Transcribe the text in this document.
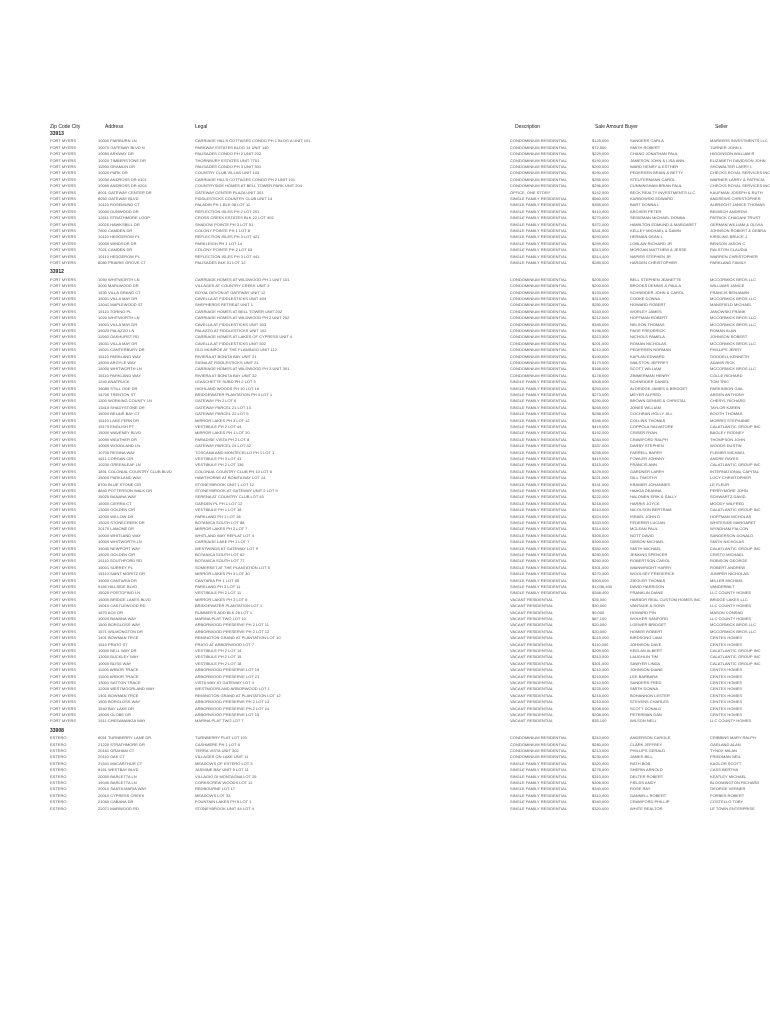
Zip Code City	Address	Legal	Description	Sale Amount Buyer	Seller
33913
FORT MYERS	10000 FAIRBURN LN	CARRIAGE HILLS COTTAGES CONDO PH 1 BLDG A UNIT 101	CONDOMINIUM RESIDENTIAL	$125,000	SANDERS CARLA	MARKERS INVESTMENTS LLC
FORT MYERS	10070 GATEWAY BLVD N	PARKWAY ESTATES BLDG 14 UNIT 140	CONDOMINIUM RESIDENTIAL	$72,500	SMITH ROBERT	TURNER JOHN L
FORT MYERS	10050 ARKWAY DR	PALISADES CONDO PH 2 UNIT 202	CONDOMINIUM RESIDENTIAL	$229,000	CHANG JONATHAN PAUL	HIGGINSON WILLIAM R
FORT MYERS	10020 TIMBERSTONE DR	THORNBURY ESTATES UNIT 7701	CONDOMINIUM RESIDENTIAL	$190,000	JAMESON JOHN & LISA ANN	ELIZABETH DAVIDSON JOHN
FORT MYERS	11050 GRAMLIN DR	PALISADES CONDO PH 3 UNIT 301	CONDOMINIUM RESIDENTIAL	$200,000	WARD HENRY & ESTHER	SHOWALTER LARRY L
FORT MYERS	10020 PARK DR	COUNTRY CLUB VILLAS UNIT 103	CONDOMINIUM RESIDENTIAL	$290,000	PEDERSEN BRIAN & BETTY	CHECKS ROYAL SERVICES INC
FORT MYERS	10030 ANDROSS DR #101	CARRIAGE HILLS COTTAGES CONDO PH 2 UNIT 101	CONDOMINIUM RESIDENTIAL	$255,000	STEUTERMANN CAROL	WARNER LARRY & PATRICIA
FORT MYERS	10090 ANDROSS DR #204	COUNTRYSIDE HOMES AT BELL TOWER PARK UNIT 204	CONDOMINIUM RESIDENTIAL	$296,000	CUNNINGHAM BRIAN PAUL	CHECKS ROYAL SERVICES INC
FORT MYERS	8001 GATEWAY CENTER DR	GATEWAY CENTER PLAZA UNIT 301	OFFICE, ONE STORY	$142,000	BECK REALTY INVESTMENTS LLC	KAUFMAN JOSEPH & RUTH
FORT MYERS	8050 GATEWAY BLVD	FIDDLESTICKS COUNTRY CLUB UNIT 14	SINGLE FAMILY RESIDENTIAL	$560,000	KARBOWSKI EDWARD	ANDREWS CHRISTOPHER
FORT MYERS	10110 ROSEMUND CT	PALADIN PH 1 BLK 08 LOT 11	SINGLE FAMILY RESIDENTIAL	$355,000	BART DONNA L	ALBRECHT JANICE THOMAS
FORT MYERS	10000 DUNWOOD DR	REFLECTION ISLES PH 2 LOT 201	SINGLE FAMILY RESIDENTIAL	$410,000	ARCHER PETER	BEMISCH ANDREW
FORT MYERS	12611 STRATHMORE LOOP	CROSS CREEK ESTATES BLK 22 LOT 402	SINGLE FAMILY RESIDENTIAL	$270,000	SEIDEMAN MICHAEL DONNA	PATRICK CHAGANI TRUST
FORT MYERS	10020 HAWKSBILL DR	SHADOW POINTE PH 3 LOT 51	SINGLE FAMILY RESIDENTIAL	$372,000	HAMILTON EDMUND & MARGARET	GERMAN WILLIAM & OLIVIA
FORT MYERS	7800 CAMDEN DR	COLONY POINTE PH 1 LOT 8	SINGLE FAMILY RESIDENTIAL	$341,000	KELLEY MICHAEL & DAWN	JOHNSON ROBERT & DEBRA
FORT MYERS	10110 HEDGEROW PL	REFLECTION ISLES PH 3 LOT 421	SINGLE FAMILY RESIDENTIAL	$293,000	HERMAN DEAN L	KIRSLING BRUCE J
FORT MYERS	10000 WINDSOR DR	PARKLEIGH PH 1 LOT 14	SINGLE FAMILY RESIDENTIAL	$259,000	LOBLAW RICHARD JR	BENSON JASON C
FORT MYERS	7021 CAMDEN DR	COLONY POINTE PH 2 LOT 63	SINGLE FAMILY RESIDENTIAL	$313,000	MORGAN MATTHEW & JESSE	RALSTON CLAUDIA
FORT MYERS	10110 HEDGEROW PL	REFLECTION ISLES PH 3 LOT 441	SINGLE FAMILY RESIDENTIAL	$314,400	NAPIER STEPHEN JR	WARREN CHRISTOPHER
FORT MYERS	8080 PRAIRIE GROVE CT	PALISADES BLK 01 LOT 12	SINGLE FAMILY RESIDENTIAL	$289,000	HARDEN CHRISTOPHER	PARKLAND FAMILY
33912
FORT MYERS	1050 WHITWORTH LN	CARRIAGE HOMES AT WILDWOOD PH 1 UNIT 101	CONDOMINIUM RESIDENTIAL	$205,000	BELL STEPHEN JEANETTE	MCCORMICK BROS LLC
FORT MYERS	3000 MARLWOOD DR	VILLAGES AT COUNTRY CREEK UNIT 3	CONDOMINIUM RESIDENTIAL	$200,000	BROOKS DENNIS & PAULA	WILLIAMS JANICE
FORT MYERS	1530 VILLA GRAND CT	ROYAL DEVON AT GATEWAY UNIT 12	CONDOMINIUM RESIDENTIAL	$133,000	SCHNEIDER JOHN & CAROL	FRANCIS BENJAMIN
FORT MYERS	15001 VILLA MAY DR	CAVELLA AT FIDDLESTICKS UNIT 404	CONDOMINIUM RESIDENTIAL	$313,900	COOKE DONNA	MCCORMICK BROS LLC
FORT MYERS	13041 MAPLEWOOD ST	SHEPHERDS RETREAT UNIT 1	CONDOMINIUM RESIDENTIAL	$250,000	HOWARD ROBERT	MANSFIELD MICHAEL
FORT MYERS	15110 TORINO PL	CARRIAGE HOMES AT BELL TOWER UNIT 202	CONDOMINIUM RESIDENTIAL	$163,000	WORLEY JAMES	JANOWSKI FRANK
FORT MYERS	1020 WHITWORTH LN	CARRIAGE HOMES AT WILDWOOD PH 2 UNIT 202	CONDOMINIUM RESIDENTIAL	$212,000	HOFFMAN ROBERT	MCCORMICK BROS LLC
FORT MYERS	15001 VILLA MAY DR	CAVELLA AT FIDDLESTICKS UNIT 303	CONDOMINIUM RESIDENTIAL	$345,000	NELSON THOMAS	MCCORMICK BROS LLC
FORT MYERS	15020 PALAZZO LN	PALAZZO AT FIDDLESTICKS UNIT 102	CONDOMINIUM RESIDENTIAL	$196,000	PAGE FREDERICK	ROMAN ALAN
FORT MYERS	11060 OAKHURST RD	CARRIAGE HOMES AT LAKES OF CYPRESS UNIT 4	CONDOMINIUM RESIDENTIAL	$313,500	NICHOLS PAMELA	JOHNSON ROBERT
FORT MYERS	15031 VILLA MAY DR	CAVELLA AT FIDDLESTICKS UNIT 502	CONDOMINIUM RESIDENTIAL	$201,000	ROMAN NICHOLAS	MCCORMICK BROS LLC
FORT MYERS	15021 CANTERBURY DR	OLD MONROE AT THE FLAMINGO UNIT 112	CONDOMINIUM RESIDENTIAL	$210,000	PEDERSEN NORMAN	PHILLIPS JERRY
FORT MYERS	15110 PARKLAND WAY	RIVIERA AT BONITA BAY UNIT 21	CONDOMINIUM RESIDENTIAL	$190,000	KAPLAN EDWARD	GODDELL KENNETH
FORT MYERS	15000 ARGYLE WAY	SIGNA AT FIDDLESTICKS UNIT 21	CONDOMINIUM RESIDENTIAL	$170,000	WALSTON JEFFREY	ADAMS RICK
FORT MYERS	15000 WHITWORTH LN	CARRIAGE HOMES AT WILDWOOD PH 3 UNIT 301	CONDOMINIUM RESIDENTIAL	$168,000	SCOTT WILLIAM	MCCORMICK BROS LLC
FORT MYERS	15110 PARKLAND WAY	RIVIERA AT BONITA BAY UNIT 32	CONDOMINIUM RESIDENTIAL	$178,000	ZIMMERMAN HENRY	COLLE RICHARD
FORT MYERS	1240 ANATRUCK	LEASCHETTE SUBD PH 2 LOT 3	SINGLE FAMILY RESIDENTIAL	$305,000	SCHNEIDER DANIEL	TOM TRIC
FORT MYERS	16080 STILL ODE DR	HIGHLAND WOODS PH 10 LOT 16	SINGLE FAMILY RESIDENTIAL	$253,000	ALDRIDGE JAMES & BRIDGET	PARKINSON GAIL
FORT MYERS	14700 TRENTON ST	BRIDGEWATER PLANTATION PH 3 LOT 1	SINGLE FAMILY RESIDENTIAL	$273,000	MEYER ALFRED	ARDEN ANTHONY
FORT MYERS	1300 WORKING COUNTY LN	GATEWAY PH 2 LOT 6	SINGLE FAMILY RESIDENTIAL	$290,000	BROWN DENNIS & CHRISTAL	CHERYL RICHARD
FORT MYERS	13410 SHADYSTONE DR	GATEWAY PARCEL 21 LOT 13	SINGLE FAMILY RESIDENTIAL	$265,000	JONES WILLIAM	TAYLOR KAREN
FORT MYERS	15000 BELAIR BAY CT	GATEWAY PARCEL 22 LOT 5	SINGLE FAMILY RESIDENTIAL	$258,000	COCHRAN HOLLY JILL	BOOTH THOMAS
FORT MYERS	15110 LAKE FERN DR	MIRROR LAKES PH 3 LOT 12	SINGLE FAMILY RESIDENTIAL	$346,000	COLLINS THOMAS	MORRIS STEPHANIE
FORT MYERS	15170 ENGLISH PT	VESTIBULE PH 2 LOT 44	SINGLE FAMILY RESIDENTIAL	$419,000	COPPOLA SALVATORE	CALATLANTIC GROUP INC
FORT MYERS	15000 WAVENEY BLVD	MIRROR LAKES PH 1 LOT 20	SINGLE FAMILY RESIDENTIAL	$192,000	CRISER RYAN	BAGLEY RODNEY
FORT MYERS	10090 WEATHER DR	PARADISE VISTA PH 2 LOT 8	SINGLE FAMILY RESIDENTIAL	$284,000	CRAWFORD RALPH	THOMPSON JOHN
FORT MYERS	10000 WOODLAND LN	GATEWAY PARCEL 24 LOT 32	SINGLE FAMILY RESIDENTIAL	$337,000	DARBY STEPHEN	WOODS DUSTIN
FORT MYERS	10700 REGINA WAY	TOSCANA AND MONTECELLO PH 1 LOT 1	SINGLE FAMILY RESIDENTIAL	$255,000	FARRELL BARRY	FLEMER MICHAEL
FORT MYERS	1611 CORGAN CIR	VESTIBULE PH 3 LOT 41	SINGLE FAMILY RESIDENTIAL	$419,000	FOWLER JOHNNY	ANDRE RAYES
FORT MYERS	10230 GREENLEAF LN	VESTIBULE PH 2 LOT 136	SINGLE FAMILY RESIDENTIAL	$315,000	FRANCIS ANN	CALATLANTIC GROUP INC
FORT MYERS	1891 COLONIAL COUNTRY CLUB BLVD	COLONIAL COUNTRY CLUB PH 10 LOT 6	SINGLE FAMILY RESIDENTIAL	$229,000	GARDNER LARRY	INTERNATIONAL CAPITAL
FORT MYERS	15000 PARKLAND WAY	HAWTHORNE AT BONITA BAY LOT 14	SINGLE FAMILY RESIDENTIAL	$221,000	GILL TIMOTHY	LOCY CHRISTOPHER
FORT MYERS	8700 BLUE STONE CIR	STONEYBROOK UNIT 1 LOT 12	SINGLE FAMILY RESIDENTIAL	$141,000	KRAMER JOHANNES	LE FLEUR
FORT MYERS	8840 POTTERSON WALK DR	STONEYBROOK AT GATEWAY UNIT 2 LOT 9	SINGLE FAMILY RESIDENTIAL	$390,000	HAAGA DEANNA	PERRYMORE JOHN
FORT MYERS	15020 BANANA WAY	SERENA AT COUNTRY CLUB LOT 43	SINGLE FAMILY RESIDENTIAL	$222,000	HALONEN ERIK & SALLY	SCHWARTZ DAVID
FORT MYERS	15000 CIERRA CT	GARDEN PL PH 1 LOT 12	SINGLE FAMILY RESIDENTIAL	$218,000	HARRIS JOYCE	MOODY WILFRED
FORT MYERS	13000 GOLDEN CIR	VESTIBULE PH 1 LOT 18	SINGLE FAMILY RESIDENTIAL	$310,000	NICOLSON BERTRAM	CALATLANTIC GROUP INC
FORT MYERS	12000 WILLOW DR	PARKLAND PH 1 LOT 28	SINGLE FAMILY RESIDENTIAL	$324,000	ISRAEL JOHN D	HOFFMAN NICHOLAS
FORT MYERS	15020 STONECREEK DR	BOTANICA SOUTH LOT 88	SINGLE FAMILY RESIDENTIAL	$333,000	FEDERER LUCIAN	WHITESIDE MARGARET
FORT MYERS	20170 LAMONE DR	MIRROR LAKES PH 2 LOT 7	SINGLE FAMILY RESIDENTIAL	$314,000	MCLEAN PAUL	WYNDHAM FALCON
FORT MYERS	10000 WHITLAND WAY	WHITLAND WAY REPLAT LOT 4	SINGLE FAMILY RESIDENTIAL	$305,000	NOTT DAVID	SANDERSON DONALD
FORT MYERS	10000 WHITWORTH LN	CARRIAGE LAKE PH 1 LOT 7	SINGLE FAMILY RESIDENTIAL	$300,000	GIBSON MICHAEL	SMITH NICHOLAS
FORT MYERS	15040 NEWPORT WAY	WESTWINDS AT GATEWAY LOT 9	SINGLE FAMILY RESIDENTIAL	$352,000	SMITH MICHAEL	CALATLANTIC GROUP INC
FORT MYERS	15020 GOLDEN CIR	BOTANICA SOUTH LOT 62	SINGLE FAMILY RESIDENTIAL	$290,000	JENKINS SPENCER	CRISTO MICHAEL
FORT MYERS	15110 SOUTHFORD RD	BOTANICA SOUTH LOT 77	SINGLE FAMILY RESIDENTIAL	$260,000	ROBERTSON CAROL	ROBISON GEORGE
FORT MYERS	15001 SURREY PL	SOMERSET AT THE PLANTATION LOT 5	SINGLE FAMILY RESIDENTIAL	$301,000	WAINWRIGHT HARRY	ROBERT ANDREW
FORT MYERS	15110 SAINT MORITZ DR	MIRROR LAKES PH 3 LOT 30	SINGLE FAMILY RESIDENTIAL	$270,000	WOOLSEY FREDERICK	JUNIPER NICHOLAS
FORT MYERS	15000 CANTARIA DR	CANTARIA PH 1 LOT 55	SINGLE FAMILY RESIDENTIAL	$303,000	ZIEGLER THOMAS	MILLER MICHAEL
FORT MYERS	9150 HILLSIDE BLVD	PARKLAND PH 3 LOT 11	SINGLE FAMILY RESIDENTIAL	$1,036,400	DAVID HARRISON	VANDERBILT
FORT MYERS	15020 PORTOFINO LN	VESTIBULE PH 2 LOT 11	SINGLE FAMILY RESIDENTIAL	$348,400	FRANKLIN DIANE	LLC COUNTY HOMES
FORT MYERS	15000 BRIDGE LAKES BLVD	MIRROR LAKES PH 3 LOT 6	VACANT RESIDENTIAL	$35,000	HARBOR REAL CUSTOM HOMES INC	BRIDGE LAKES LLC
FORT MYERS	15010 CASTLEWOOD RD	BRIDGEWATER PLANTATION LOT 1	VACANT RESIDENTIAL	$30,000	VANTAGE & SONS	LLC COUNTY HOMES
FORT MYERS	1870 ACE DR	RUMMER'S ADD BLK 26 LOT 1	VACANT RESIDENTIAL	$9,000	HOWARD PIN	MASON CONRAD
FORT MYERS	10020 BANANA WAY	MARINA PLAT TWO LOT 10	VACANT RESIDENTIAL	$87,100	WOLKER SANFORD	LLC COUNTY HOMES
FORT MYERS	1500 BORGLOSS WAY	ARBORWOOD PRESERVE PH 2 LOT 11	VACANT RESIDENTIAL	$20,000	LOEWER BRIDGET	MCCORMICK BROS LLC
FORT MYERS	1571 WILMONGTON DR	ARBORWOOD PRESERVE PH 2 LOT 12	VACANT RESIDENTIAL	$20,000	HOMER ROBERT	MCCORMICK BROS LLC
FORT MYERS	1401 BOWMAN TRCE	REMINGTON GRAND AT PLANTATION LOT 10	VACANT RESIDENTIAL	$215,000	BIRDSONG LIAM	CENTEX HOMES
FORT MYERS	1510 PRATO ST	PRATO AT ARBORWOOD LOT 7	VACANT RESIDENTIAL	$110,000	JOHNSON DAVE	CENTEX HOMES
FORT MYERS	10000 BELL WAY DR	VESTIBULE PH 2 LOT 14	VACANT RESIDENTIAL	$209,000	KEELAN ALBERT	CALATLANTIC GROUP INC
FORT MYERS	13000 BUCKLEY WAY	VESTIBULE PH 2 LOT 15	VACANT RESIDENTIAL	$313,000	LAUGHLIN TIM	CALATLANTIC GROUP INC
FORT MYERS	10000 BLISS WAY	VESTIBULE PH 2 LOT 18	VACANT RESIDENTIAL	$301,000	SAWYER LINDA	CALATLANTIC GROUP INC
FORT MYERS	11000 ARBOR TRACE	ARBORWOOD PRESERVE LOT 19	VACANT RESIDENTIAL	$210,000	JOHNSON DIANE	CENTEX HOMES
FORT MYERS	11000 ARBOR TRACE	ARBORWOOD PRESERVE LOT 21	VACANT RESIDENTIAL	$210,000	LEE BARBARA	CENTEX HOMES
FORT MYERS	13001 SATTON TRACE	VISTA WAY AT GATEWAY LOT 4	VACANT RESIDENTIAL	$210,000	SANDERS FRED	CENTEX HOMES
FORT MYERS	12000 WESTMOORLAND WAY	WESTMOORLAND ARBORWOOD LOT 1	VACANT RESIDENTIAL	$225,000	SMITH DONNA	CENTEX HOMES
FORT MYERS	1401 BOWMAN TRCE	REMINGTON GRAND AT PLANTATION LOT 12	VACANT RESIDENTIAL	$215,000	BOHANNON LESTER	CENTEX HOMES
FORT MYERS	1500 BORGLOSS WAY	ARBORWOOD PRESERVE PH 2 LOT 13	VACANT RESIDENTIAL	$210,000	STEVENS CHARLES	CENTEX HOMES
FORT MYERS	1540 BAY LAKE DR	ARBORWOOD PRESERVE PH 2 LOT 14	VACANT RESIDENTIAL	$208,000	SCOTT DONALD	CENTEX HOMES
FORT MYERS	15000 GLOBE DR	ARBORWOOD PRESERVE LOT 15	VACANT RESIDENTIAL	$208,000	PETERMAN DAN	CENTEX HOMES
FORT MYERS	1511 CHESAMANGA WAY	MARINA PLAT TWO LOT 7	VACANT RESIDENTIAL	$35,100	WILSON NELL	LLC COUNTY HOMES
33908
ESTERO	8051 TURNBERRY LANE DR	TURNBERRY PLAT LOT 101	CONDOMINIUM RESIDENTIAL	$310,000	ANDERSON CAROLE	CRIBBINS MARY RALPH
ESTERO	21220 STRATHMORE DR	CASHMERE PH 1 LOT 8	CONDOMINIUM RESIDENTIAL	$280,000	CLARK JEFFREY	GARLAND ALAN
ESTERO	20161 GRAHAM CT	TERRA VISTA UNIT 302	CONDOMINIUM RESIDENTIAL	$213,000	PHILLIPS GERALD	TYNDX MILAN
ESTERO	20110 OAK CT	VILLAGES ON LAKE UNIT 11	CONDOMINIUM RESIDENTIAL	$230,000	JAMES BILL	FRIEDMAN NEIL
ESTERO	21541 MACARTHUR CT	MEADOWS OF ESTERO LOT 3	SINGLE FAMILY RESIDENTIAL	$320,000	RATH BOB	KAGLOR SCOTT
ESTERO	8161 WESTBAY BLVD	JASMINE BAY UNIT 5 LOT 11	SINGLE FAMILY RESIDENTIAL	$278,000	SHERIN ARNOLD	CASS BERTHA
ESTERO	20050 BARLETTA LN	VILLAGIO DI MONTAGNA LOT 25	SINGLE FAMILY RESIDENTIAL	$310,000	DELTER ROBERT	KEATLEY MICHAEL
ESTERO	19040 BARLETTA LN	CORKSCREW WOODS LOT 11	SINGLE FAMILY RESIDENTIAL	$306,000	FIELDS ANDY	BLOOMINGTON RICHARD
ESTERO	20010 SANTA MARIA WAY	REDBOURNE LOT 17	SINGLE FAMILY RESIDENTIAL	$340,000	ROSE RAY	GEORGE VERNER
ESTERO	20010 CYPRESS CREEK	MEADOWS LOT 33	SINGLE FAMILY RESIDENTIAL	$310,000	GANNELL ROBERT	FORBES ROBERT
ESTERO	21060 CABANA DR	FOUNTAIN LAKES PH 5 LOT 1	SINGLE FAMILY RESIDENTIAL	$340,000	CRAWFORD PHILLIP	COSTELLO TOBY
ESTERO	22071 MARWOOD RD	STONEYBROOK UNIT 44 LOT 4	SINGLE FAMILY RESIDENTIAL	$320,000	WHITE REALTOR	LE TOWN ENTERPRISE
